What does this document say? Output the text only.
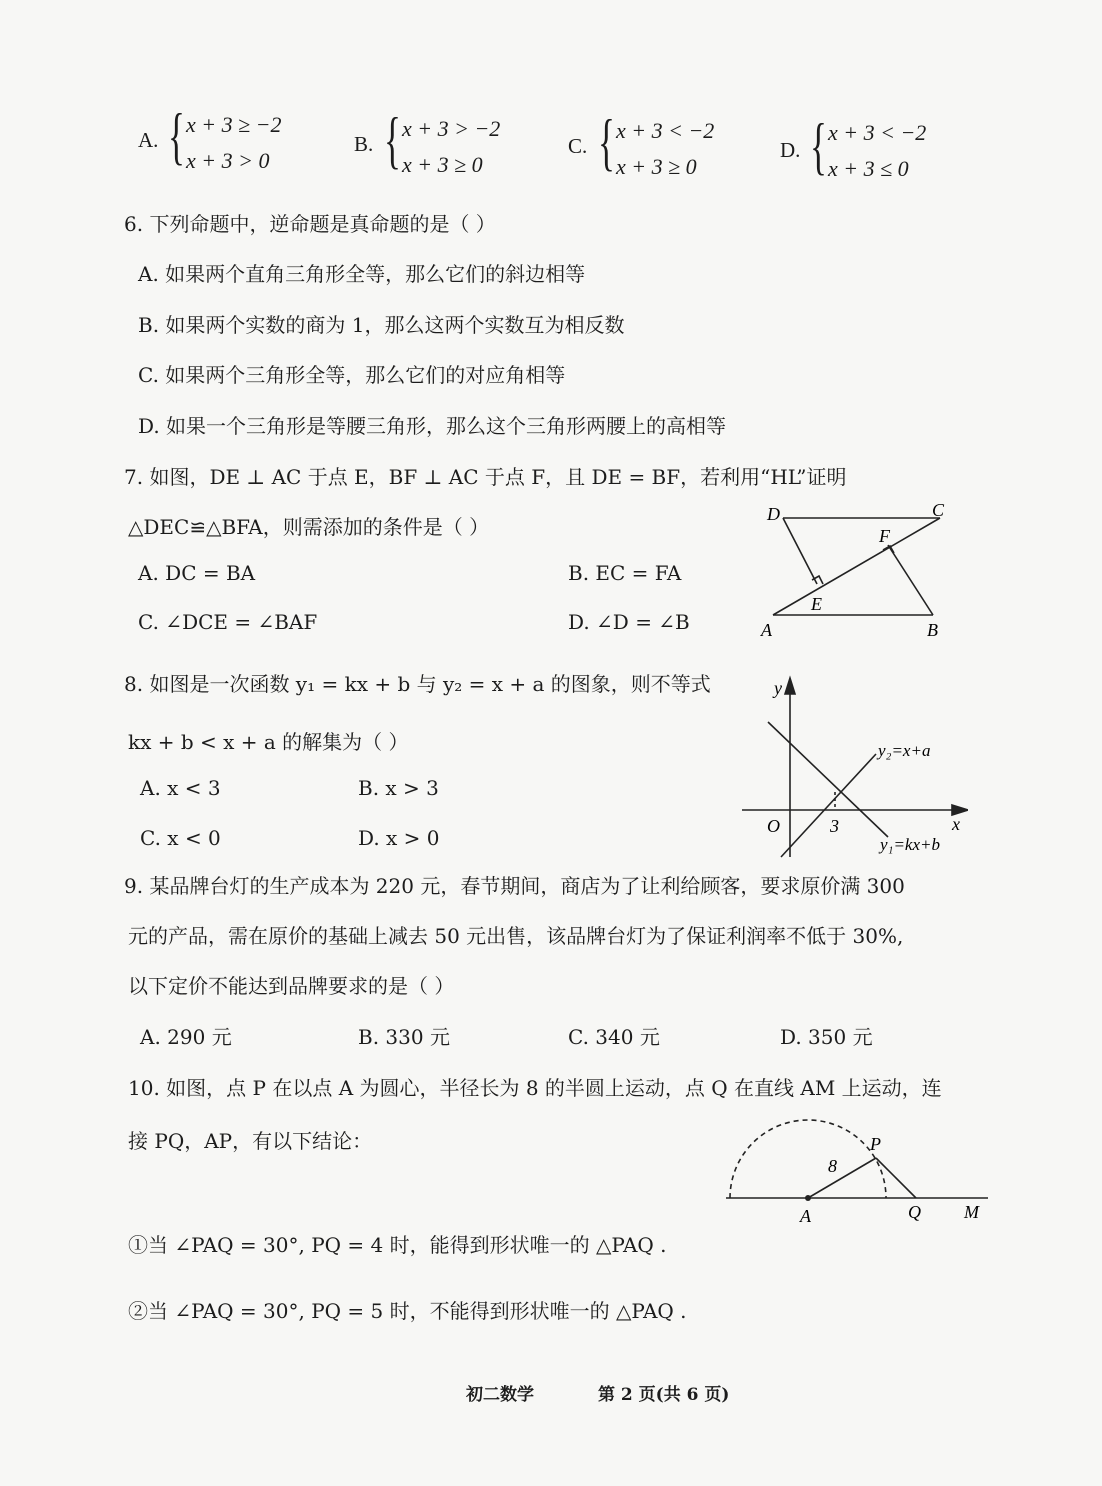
A. { x + 3 ≥ −2
x + 3 > 0
B. { x + 3 > −2
x + 3 ≥ 0
C. { x + 3 < −2
x + 3 ≥ 0
D. { x + 3 < −2
x + 3 ≤ 0
6. 下列命题中，逆命题是真命题的是（ ）
A. 如果两个直角三角形全等，那么它们的斜边相等
B. 如果两个实数的商为 1，那么这两个实数互为相反数
C. 如果两个三角形全等，那么它们的对应角相等
D. 如果一个三角形是等腰三角形，那么这个三角形两腰上的高相等
7. 如图，DE ⊥ AC 于点 E，BF ⊥ AC 于点 F，且 DE = BF，若利用“HL”证明
△DEC≌△BFA，则需添加的条件是（ ）
A. DC = BA	B. EC = FA
C. ∠DCE = ∠BAF	D. ∠D = ∠B
D	C
F
E
A	B
8. 如图是一次函数 y₁ = kx + b 与 y₂ = x + a 的图象，则不等式
kx + b < x + a 的解集为（ ）
A. x < 3	B. x > 3
C. x < 0	D. x > 0
y
x
O	3
y₂=x+a
y₁=kx+b
9. 某品牌台灯的生产成本为 220 元，春节期间，商店为了让利给顾客，要求原价满 300
元的产品，需在原价的基础上减去 50 元出售，该品牌台灯为了保证利润率不低于 30%,
以下定价不能达到品牌要求的是（ ）
A. 290 元	B. 330 元	C. 340 元	D. 350 元
10. 如图，点 P 在以点 A 为圆心，半径长为 8 的半圆上运动，点 Q 在直线 AM 上运动，连
接 PQ，AP，有以下结论：	P
8
A	Q M
①当 ∠PAQ = 30°, PQ = 4 时，能得到形状唯一的 △PAQ .
②当 ∠PAQ = 30°, PQ = 5 时，不能得到形状唯一的 △PAQ .
初二数学	第 2 页(共 6 页)
